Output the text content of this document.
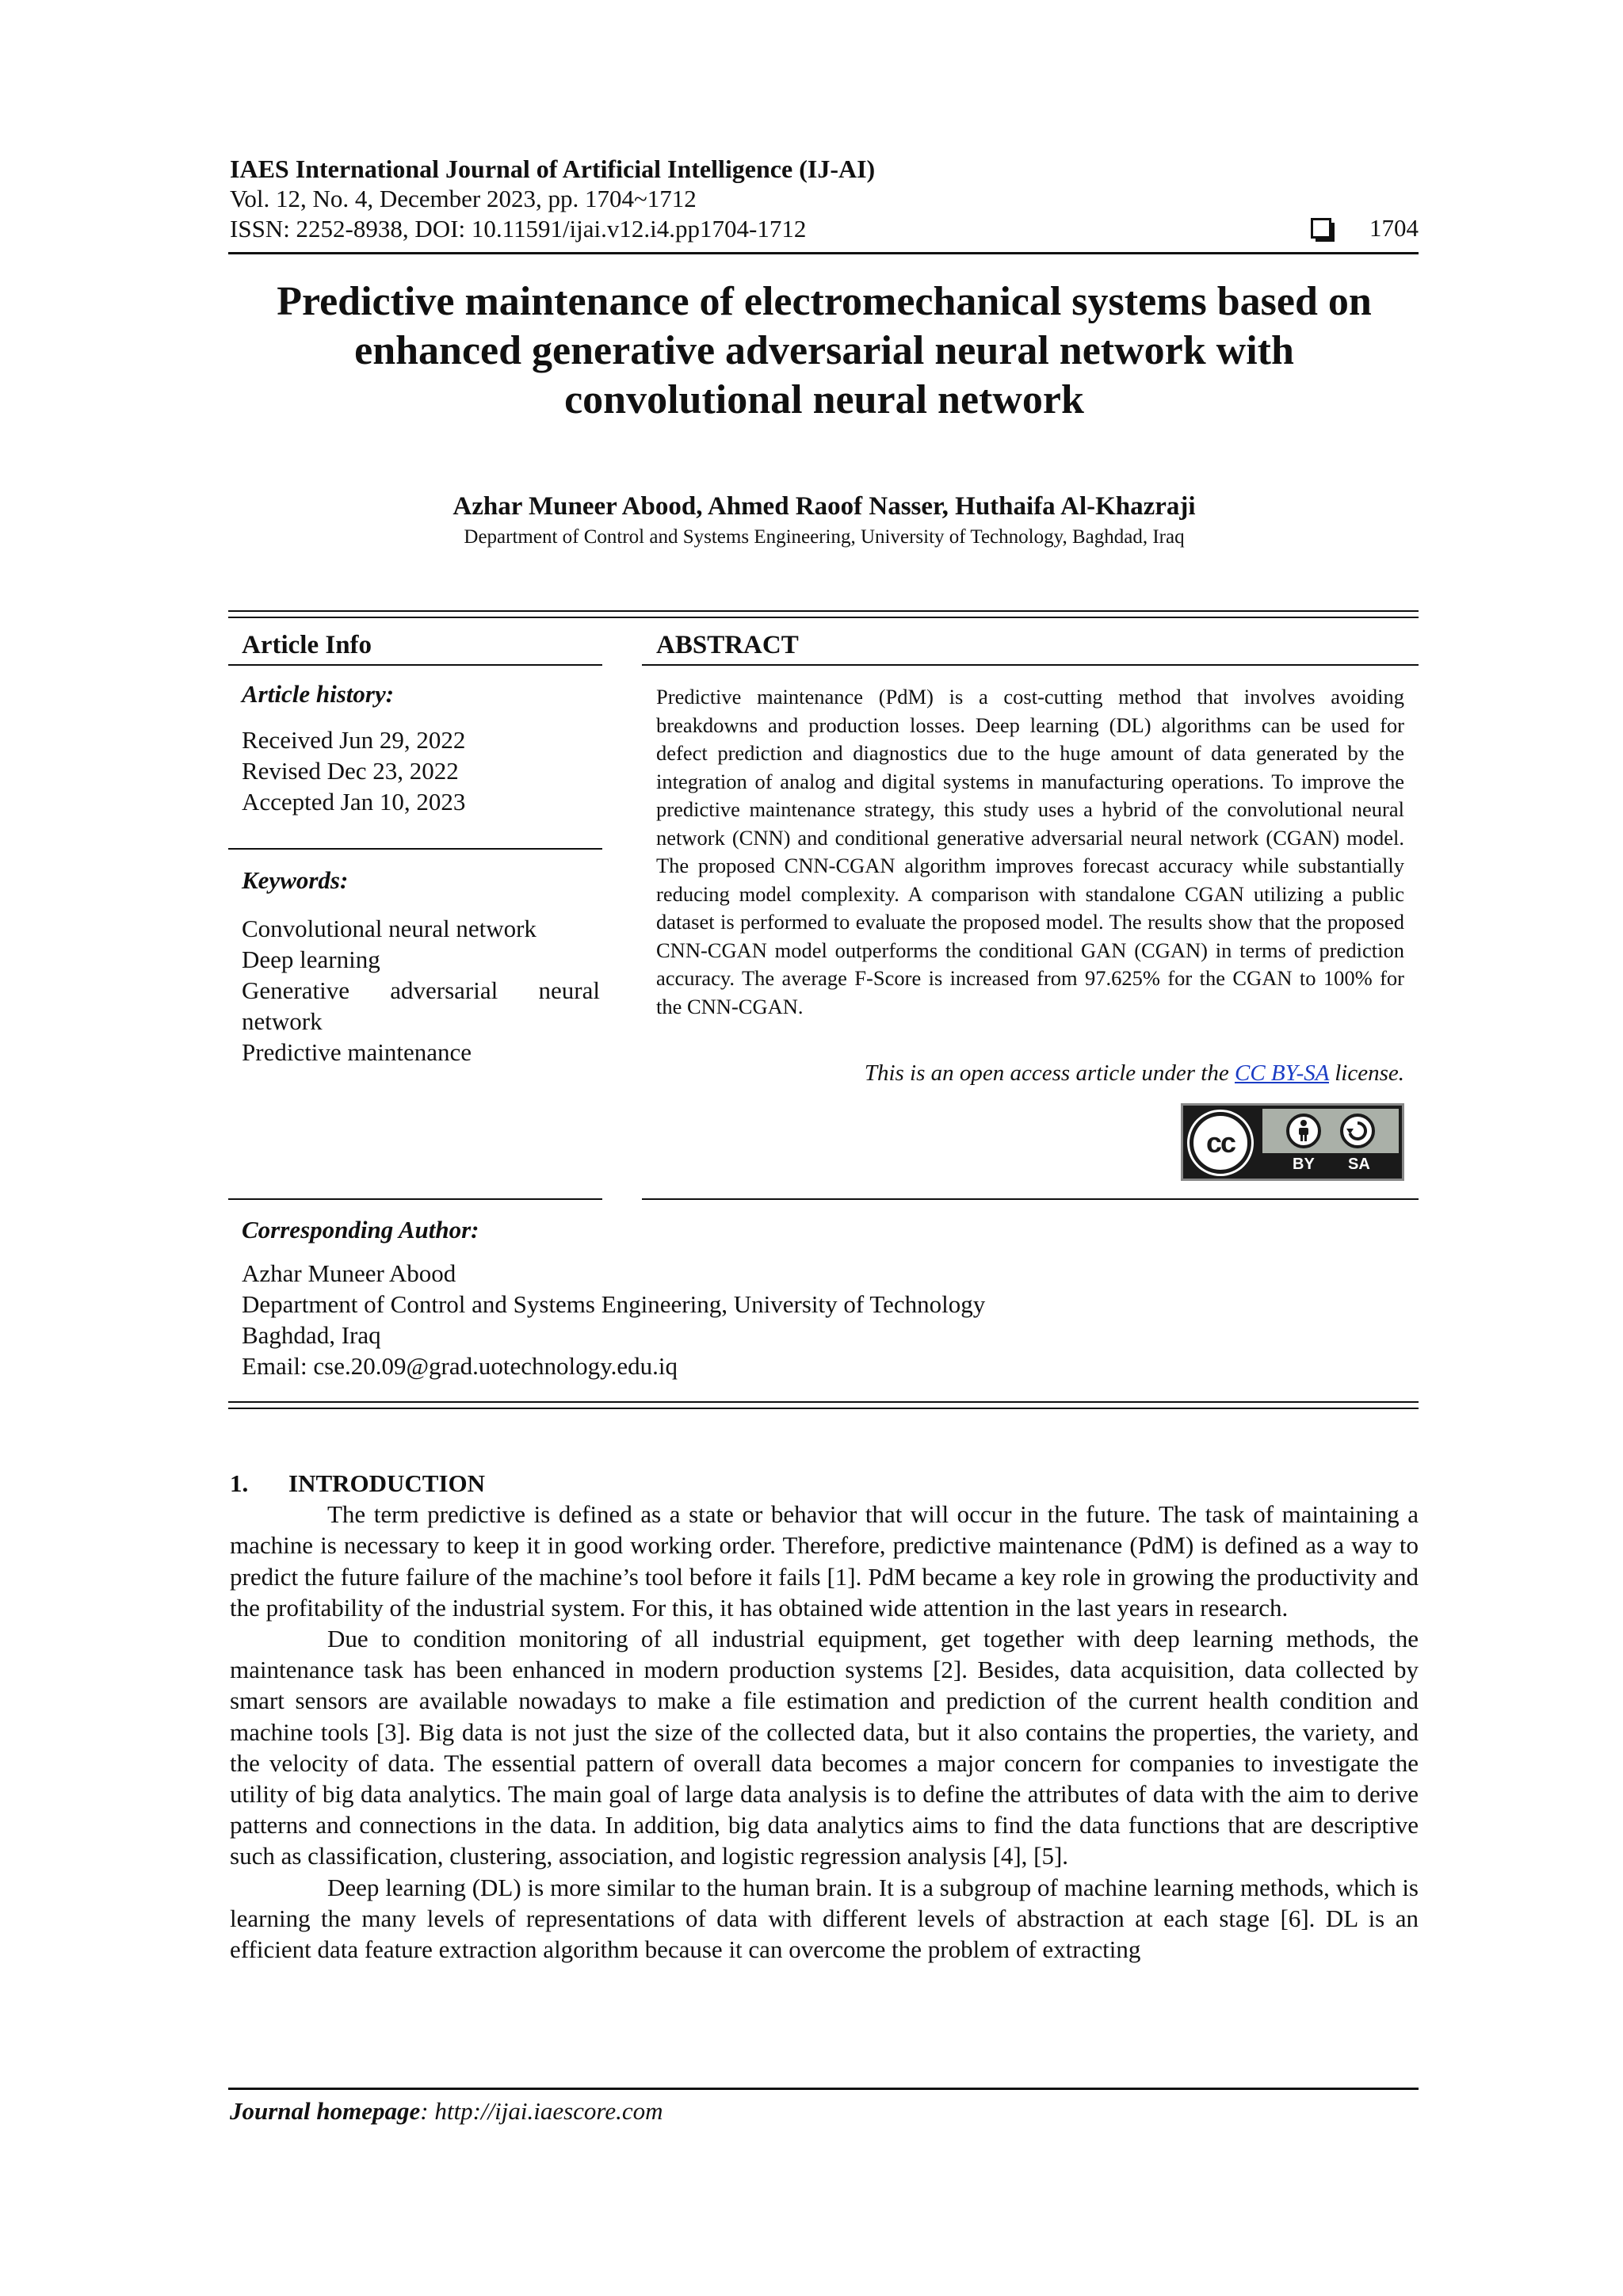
IAES International Journal of Artificial Intelligence (IJ-AI)
Vol. 12, No. 4, December 2023, pp. 1704~1712
ISSN: 2252-8938, DOI: 10.11591/ijai.v12.i4.pp1704-1712	1704
Predictive maintenance of electromechanical systems based on
enhanced generative adversarial neural network with
convolutional neural network
Azhar Muneer Abood, Ahmed Raoof Nasser, Huthaifa Al-Khazraji
Department of Control and Systems Engineering, University of Technology, Baghdad, Iraq
Article Info
Article history:
Received Jun 29, 2022
Revised Dec 23, 2022
Accepted Jan 10, 2023
Keywords:
Convolutional neural network
Deep learning
Generative adversarial neural network
Predictive maintenance
ABSTRACT
Predictive maintenance (PdM) is a cost-cutting method that involves avoiding breakdowns and production losses. Deep learning (DL) algorithms can be used for defect prediction and diagnostics due to the huge amount of data generated by the integration of analog and digital systems in manufacturing operations. To improve the predictive maintenance strategy, this study uses a hybrid of the convolutional neural network (CNN) and conditional generative adversarial neural network (CGAN) model. The proposed CNN-CGAN algorithm improves forecast accuracy while substantially reducing model complexity. A comparison with standalone CGAN utilizing a public dataset is performed to evaluate the proposed model. The results show that the proposed CNN-CGAN model outperforms the conditional GAN (CGAN) in terms of prediction accuracy. The average F-Score is increased from 97.625% for the CGAN to 100% for the CNN-CGAN.
This is an open access article under the CC BY-SA license.
cc
BY SA
Corresponding Author:
Azhar Muneer Abood
Department of Control and Systems Engineering, University of Technology
Baghdad, Iraq
Email: cse.20.09@grad.uotechnology.edu.iq

1. INTRODUCTION

The term predictive is defined as a state or behavior that will occur in the future. The task of maintaining a machine is necessary to keep it in good working order. Therefore, predictive maintenance (PdM) is defined as a way to predict the future failure of the machine’s tool before it fails [1]. PdM became a key role in growing the productivity and the profitability of the industrial system. For this, it has obtained wide attention in the last years in research.

Due to condition monitoring of all industrial equipment, get together with deep learning methods, the maintenance task has been enhanced in modern production systems [2]. Besides, data acquisition, data collected by smart sensors are available nowadays to make a file estimation and prediction of the current health condition and machine tools [3]. Big data is not just the size of the collected data, but it also contains the properties, the variety, and the velocity of data. The essential pattern of overall data becomes a major concern for companies to investigate the utility of big data analytics. The main goal of large data analysis is to define the attributes of data with the aim to derive patterns and connections in the data. In addition, big data analytics aims to find the data functions that are descriptive such as classification, clustering, association, and logistic regression analysis [4], [5].

Deep learning (DL) is more similar to the human brain. It is a subgroup of machine learning methods, which is learning the many levels of representations of data with different levels of abstraction at each stage [6]. DL is an efficient data feature extraction algorithm because it can overcome the problem of extracting

Journal homepage: http://ijai.iaescore.com
